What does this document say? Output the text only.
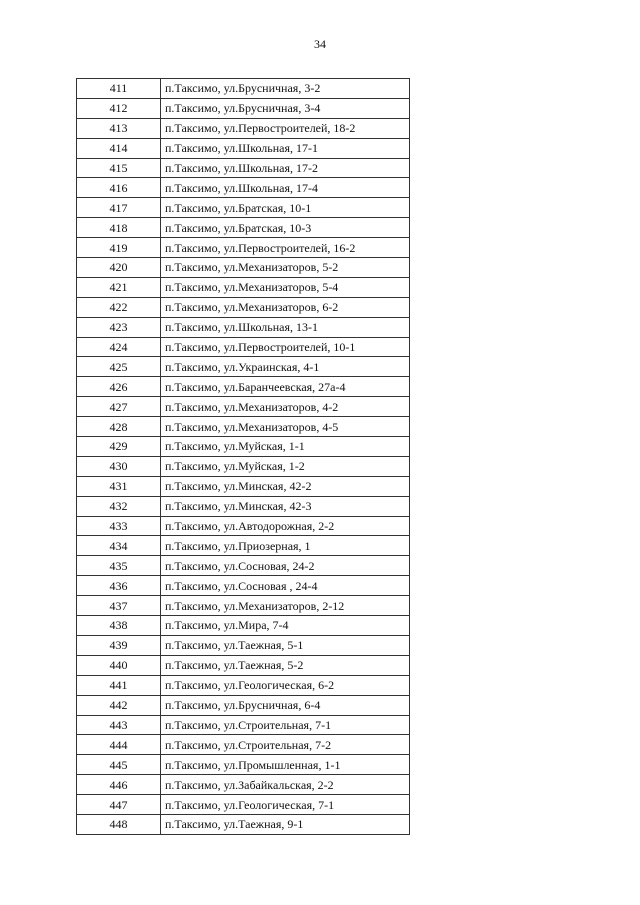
34
411	п.Таксимо, ул.Брусничная, 3-2
412	п.Таксимо, ул.Брусничная, 3-4
413	п.Таксимо, ул.Первостроителей, 18-2
414	п.Таксимо, ул.Школьная, 17-1
415	п.Таксимо, ул.Школьная, 17-2
416	п.Таксимо, ул.Школьная, 17-4
417	п.Таксимо, ул.Братская, 10-1
418	п.Таксимо, ул.Братская, 10-3
419	п.Таксимо, ул.Первостроителей, 16-2
420	п.Таксимо, ул.Механизаторов, 5-2
421	п.Таксимо, ул.Механизаторов, 5-4
422	п.Таксимо, ул.Механизаторов, 6-2
423	п.Таксимо, ул.Школьная, 13-1
424	п.Таксимо, ул.Первостроителей, 10-1
425	п.Таксимо, ул.Украинская, 4-1
426	п.Таксимо, ул.Баранчеевская, 27а-4
427	п.Таксимо, ул.Механизаторов, 4-2
428	п.Таксимо, ул.Механизаторов, 4-5
429	п.Таксимо, ул.Муйская, 1-1
430	п.Таксимо, ул.Муйская, 1-2
431	п.Таксимо, ул.Минская, 42-2
432	п.Таксимо, ул.Минская, 42-3
433	п.Таксимо, ул.Автодорожная, 2-2
434	п.Таксимо, ул.Приозерная, 1
435	п.Таксимо, ул.Сосновая, 24-2
436	п.Таксимо, ул.Сосновая , 24-4
437	п.Таксимо, ул.Механизаторов, 2-12
438	п.Таксимо, ул.Мира, 7-4
439	п.Таксимо, ул.Таежная, 5-1
440	п.Таксимо, ул.Таежная, 5-2
441	п.Таксимо, ул.Геологическая, 6-2
442	п.Таксимо, ул.Брусничная, 6-4
443	п.Таксимо, ул.Строительная, 7-1
444	п.Таксимо, ул.Строительная, 7-2
445	п.Таксимо, ул.Промышленная, 1-1
446	п.Таксимо, ул.Забайкальская, 2-2
447	п.Таксимо, ул.Геологическая, 7-1
448	п.Таксимо, ул.Таежная, 9-1
